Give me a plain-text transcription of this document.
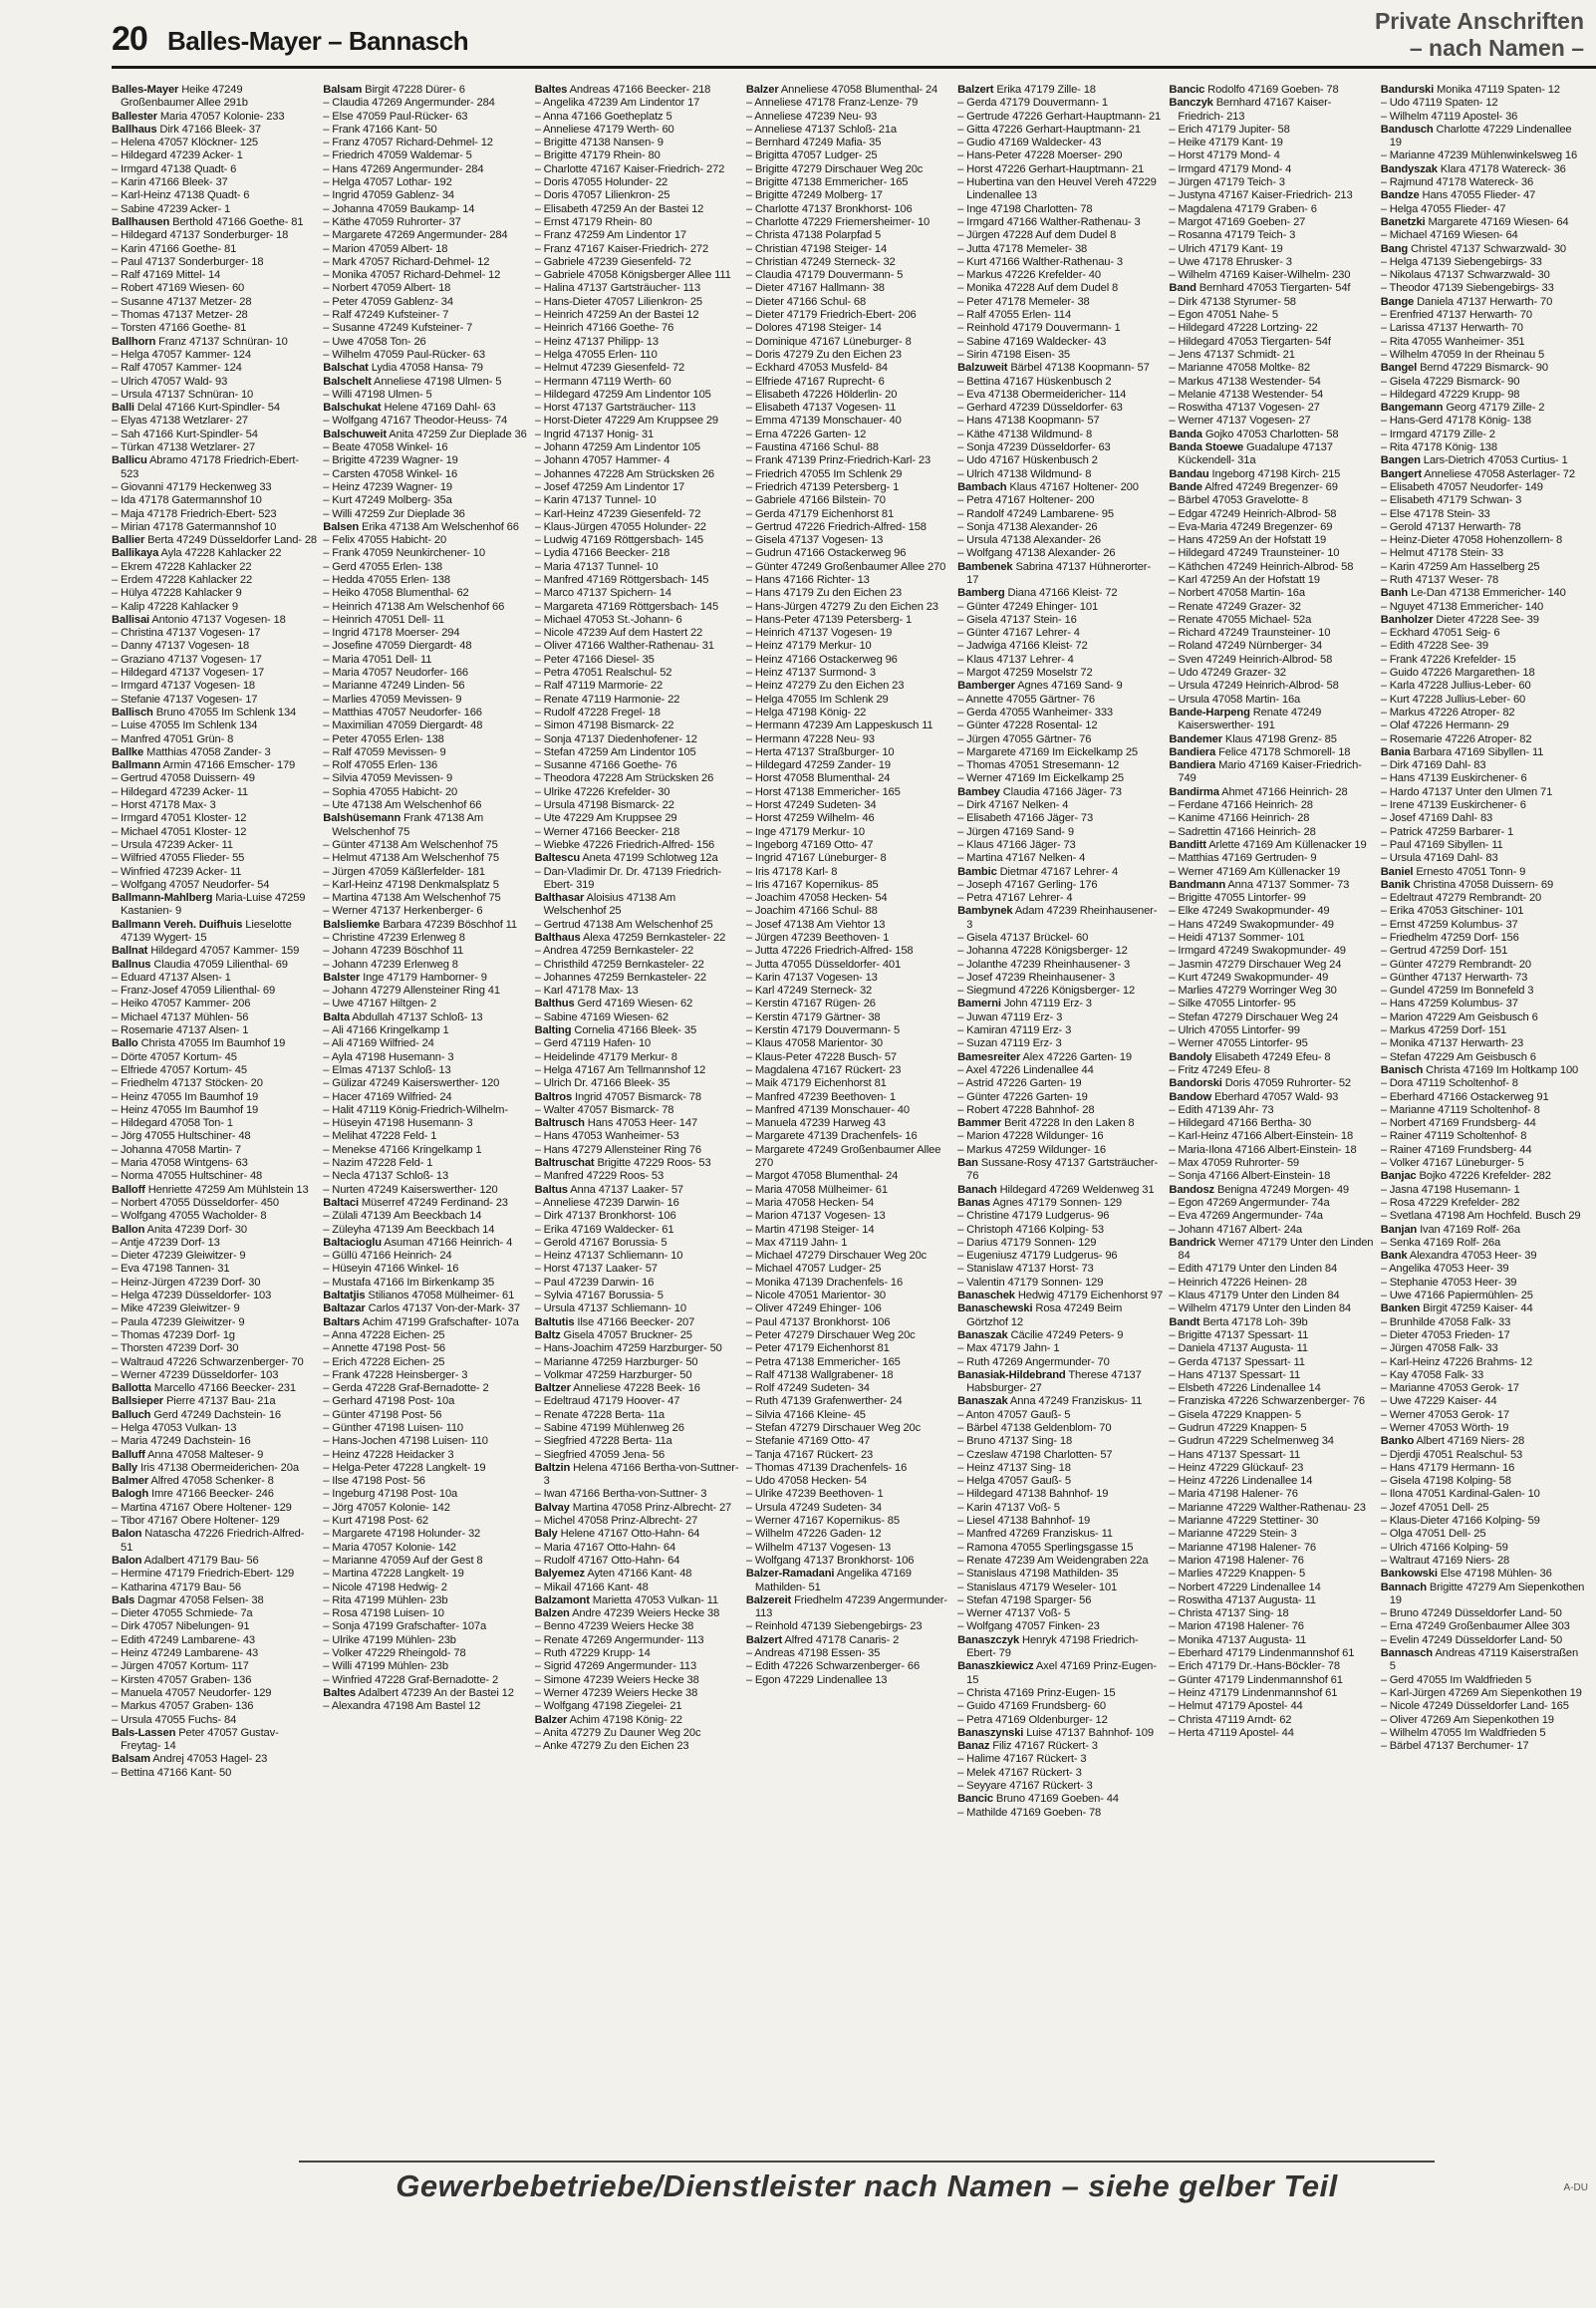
20 Balles-Mayer – Bannasch
Private Anschriften
– nach Namen –

Balles-Mayer Heike 47249 Großenbaumer Allee 291b

Ballester Maria 47057 Kolonie- 233

Ballhaus Dirk 47166 Bleek- 37

– Helena 47057 Klöckner- 125

– Hildegard 47239 Acker- 1

– Irmgard 47138 Quadt- 6

– Karin 47166 Bleek- 37

– Karl-Heinz 47138 Quadt- 6

– Sabine 47239 Acker- 1

Ballhausen Berthold 47166 Goethe- 81

– Hildegard 47137 Sonderburger- 18

– Karin 47166 Goethe- 81

– Paul 47137 Sonderburger- 18

– Ralf 47169 Mittel- 14

– Robert 47169 Wiesen- 60

– Susanne 47137 Metzer- 28

– Thomas 47137 Metzer- 28

– Torsten 47166 Goethe- 81

Ballhorn Franz 47137 Schnüran- 10

– Helga 47057 Kammer- 124

– Ralf 47057 Kammer- 124

– Ulrich 47057 Wald- 93

– Ursula 47137 Schnüran- 10

Balli Delal 47166 Kurt-Spindler- 54

– Elyas 47138 Wetzlarer- 27

– Sah 47166 Kurt-Spindler- 54

– Türkan 47138 Wetzlarer- 27

Ballicu Abramo 47178 Friedrich-Ebert- 523

– Giovanni 47179 Heckenweg 33

– Ida 47178 Gatermannshof 10

– Maja 47178 Friedrich-Ebert- 523

– Mirian 47178 Gatermannshof 10

Ballier Berta 47249 Düsseldorfer Land- 28

Ballikaya Ayla 47228 Kahlacker 22

– Ekrem 47228 Kahlacker 22

– Erdem 47228 Kahlacker 22

– Hülya 47228 Kahlacker 9

– Kalip 47228 Kahlacker 9

Ballisai Antonio 47137 Vogesen- 18

– Christina 47137 Vogesen- 17

– Danny 47137 Vogesen- 18

– Graziano 47137 Vogesen- 17

– Hildegard 47137 Vogesen- 17

– Irmgard 47137 Vogesen- 18

– Stefanie 47137 Vogesen- 17

Ballisch Bruno 47055 Im Schlenk 134

– Luise 47055 Im Schlenk 134

– Manfred 47051 Grün- 8

Ballke Matthias 47058 Zander- 3

Ballmann Armin 47166 Emscher- 179

– Gertrud 47058 Duissern- 49

– Hildegard 47239 Acker- 11

– Horst 47178 Max- 3

– Irmgard 47051 Kloster- 12

– Michael 47051 Kloster- 12

– Ursula 47239 Acker- 11

– Wilfried 47055 Flieder- 55

– Winfried 47239 Acker- 11

– Wolfgang 47057 Neudorfer- 54

Ballmann-Mahlberg Maria-Luise 47259 Kastanien- 9

Ballmann Vereh. Duifhuis Lieselotte 47139 Wygert- 15

Ballnat Hildegard 47057 Kammer- 159

Ballnus Claudia 47059 Lilienthal- 69

– Eduard 47137 Alsen- 1

– Franz-Josef 47059 Lilienthal- 69

– Heiko 47057 Kammer- 206

– Michael 47137 Mühlen- 56

– Rosemarie 47137 Alsen- 1

Ballo Christa 47055 Im Baumhof 19

– Dörte 47057 Kortum- 45

– Elfriede 47057 Kortum- 45

– Friedhelm 47137 Stöcken- 20

– Heinz 47055 Im Baumhof 19

– Heinz 47055 Im Baumhof 19

– Hildegard 47058 Ton- 1

– Jörg 47055 Hultschiner- 48

– Johanna 47058 Martin- 7

– Maria 47058 Wintgens- 63

– Norma 47055 Hultschiner- 48

Balloff Henriette 47259 Am Mühlstein 13

– Norbert 47055 Düsseldorfer- 450

– Wolfgang 47055 Wacholder- 8

Ballon Anita 47239 Dorf- 30

– Antje 47239 Dorf- 13

– Dieter 47239 Gleiwitzer- 9

– Eva 47198 Tannen- 31

– Heinz-Jürgen 47239 Dorf- 30

– Helga 47239 Düsseldorfer- 103

– Mike 47239 Gleiwitzer- 9

– Paula 47239 Gleiwitzer- 9

– Thomas 47239 Dorf- 1g

– Thorsten 47239 Dorf- 30

– Waltraud 47226 Schwarzenberger- 70

– Werner 47239 Düsseldorfer- 103

Ballotta Marcello 47166 Beecker- 231

Ballsieper Pierre 47137 Bau- 21a

Balluch Gerd 47249 Dachstein- 16

– Helga 47053 Vulkan- 13

– Maria 47249 Dachstein- 16

Balluff Anna 47058 Malteser- 9

Bally Iris 47138 Obermeiderichen- 20a

Balmer Alfred 47058 Schenker- 8

Balogh Imre 47166 Beecker- 246

– Martina 47167 Obere Holtener- 129

– Tibor 47167 Obere Holtener- 129

Balon Natascha 47226 Friedrich-Alfred- 51

Balon Adalbert 47179 Bau- 56

– Hermine 47179 Friedrich-Ebert- 129

– Katharina 47179 Bau- 56

Bals Dagmar 47058 Felsen- 38

– Dieter 47055 Schmiede- 7a

– Dirk 47057 Nibelungen- 91

– Edith 47249 Lambarene- 43

– Heinz 47249 Lambarene- 43

– Jürgen 47057 Kortum- 117

– Kirsten 47057 Graben- 136

– Manuela 47057 Neudorfer- 129

– Markus 47057 Graben- 136

– Ursula 47055 Fuchs- 84

Bals-Lassen Peter 47057 Gustav-Freytag- 14

Balsam Andrej 47053 Hagel- 23

– Bettina 47166 Kant- 50

Balsam Birgit 47228 Dürer- 6

– Claudia 47269 Angermunder- 284

– Else 47059 Paul-Rücker- 63

– Frank 47166 Kant- 50

– Franz 47057 Richard-Dehmel- 12

– Friedrich 47059 Waldemar- 5

– Hans 47269 Angermunder- 284

– Helga 47057 Lothar- 192

– Ingrid 47059 Gablenz- 34

– Johanna 47059 Baukamp- 14

– Käthe 47059 Ruhrorter- 37

– Margarete 47269 Angermunder- 284

– Marion 47059 Albert- 18

– Mark 47057 Richard-Dehmel- 12

– Monika 47057 Richard-Dehmel- 12

– Norbert 47059 Albert- 18

– Peter 47059 Gablenz- 34

– Ralf 47249 Kufsteiner- 7

– Susanne 47249 Kufsteiner- 7

– Uwe 47058 Ton- 26

– Wilhelm 47059 Paul-Rücker- 63

Balschat Lydia 47058 Hansa- 79

Balschelt Anneliese 47198 Ulmen- 5

– Willi 47198 Ulmen- 5

Balschukat Helene 47169 Dahl- 63

– Wolfgang 47167 Theodor-Heuss- 74

Balschuweit Anita 47259 Zur Dieplade 36

– Beate 47058 Winkel- 16

– Brigitte 47239 Wagner- 19

– Carsten 47058 Winkel- 16

– Heinz 47239 Wagner- 19

– Kurt 47249 Molberg- 35a

– Willi 47259 Zur Dieplade 36

Balsen Erika 47138 Am Welschenhof 66

– Felix 47055 Habicht- 20

– Frank 47059 Neunkirchener- 10

– Gerd 47055 Erlen- 138

– Hedda 47055 Erlen- 138

– Heiko 47058 Blumenthal- 62

– Heinrich 47138 Am Welschenhof 66

– Heinrich 47051 Dell- 11

– Ingrid 47178 Moerser- 294

– Josefine 47059 Diergardt- 48

– Maria 47051 Dell- 11

– Maria 47057 Neudorfer- 166

– Marianne 47249 Linden- 56

– Marlies 47059 Mevissen- 9

– Matthias 47057 Neudorfer- 166

– Maximilian 47059 Diergardt- 48

– Peter 47055 Erlen- 138

– Ralf 47059 Mevissen- 9

– Rolf 47055 Erlen- 136

– Silvia 47059 Mevissen- 9

– Sophia 47055 Habicht- 20

– Ute 47138 Am Welschenhof 66

Balshüsemann Frank 47138 Am Welschenhof 75

– Günter 47138 Am Welschenhof 75

– Helmut 47138 Am Welschenhof 75

– Jürgen 47059 Käßlerfelder- 181

– Karl-Heinz 47198 Denkmalsplatz 5

– Martina 47138 Am Welschenhof 75

– Werner 47137 Herkenberger- 6

Balsliemke Barbara 47239 Böschhof 11

– Christine 47239 Erlenweg 8

– Johann 47239 Böschhof 11

– Johann 47239 Erlenweg 8

Balster Inge 47179 Hamborner- 9

– Johann 47279 Allensteiner Ring 41

– Uwe 47167 Hiltgen- 2

Balta Abdullah 47137 Schloß- 13

– Ali 47166 Kringelkamp 1

– Ali 47169 Wilfried- 24

– Ayla 47198 Husemann- 3

– Elmas 47137 Schloß- 13

– Gülizar 47249 Kaiserswerther- 120

– Hacer 47169 Wilfried- 24

– Halit 47119 König-Friedrich-Wilhelm-

– Hüseyin 47198 Husemann- 3

– Melihat 47228 Feld- 1

– Menekse 47166 Kringelkamp 1

– Nazim 47228 Feld- 1

– Necla 47137 Schloß- 13

– Nurten 47249 Kaiserswerther- 120

Baltaci Müserref 47249 Ferdinand- 23

– Zülali 47139 Am Beeckbach 14

– Züleyha 47139 Am Beeckbach 14

Baltacioglu Asuman 47166 Heinrich- 4

– Güllü 47166 Heinrich- 24

– Hüseyin 47166 Winkel- 16

– Mustafa 47166 Im Birkenkamp 35

Baltatjis Stilianos 47058 Mülheimer- 61

Baltazar Carlos 47137 Von-der-Mark- 37

Baltars Achim 47199 Grafschafter- 107a

– Anna 47228 Eichen- 25

– Annette 47198 Post- 56

– Erich 47228 Eichen- 25

– Frank 47228 Heinsberger- 3

– Gerda 47228 Graf-Bernadotte- 2

– Gerhard 47198 Post- 10a

– Günter 47198 Post- 56

– Günther 47198 Luisen- 110

– Hans-Jochen 47198 Luisen- 110

– Heinz 47228 Heidacker 3

– Helga-Peter 47228 Langkelt- 19

– Ilse 47198 Post- 56

– Ingeburg 47198 Post- 10a

– Jörg 47057 Kolonie- 142

– Kurt 47198 Post- 62

– Margarete 47198 Holunder- 32

– Maria 47057 Kolonie- 142

– Marianne 47059 Auf der Gest 8

– Martina 47228 Langkelt- 19

– Nicole 47198 Hedwig- 2

– Rita 47199 Mühlen- 23b

– Rosa 47198 Luisen- 10

– Sonja 47199 Grafschafter- 107a

– Ulrike 47199 Mühlen- 23b

– Volker 47229 Rheingold- 78

– Willi 47199 Mühlen- 23b

– Winfried 47228 Graf-Bernadotte- 2

Baltes Adalbert 47239 An der Bastei 12

– Alexandra 47198 Am Bastel 12

Baltes Andreas 47166 Beecker- 218

– Angelika 47239 Am Lindentor 17

– Anna 47166 Goetheplatz 5

– Anneliese 47179 Werth- 60

– Brigitte 47138 Nansen- 9

– Brigitte 47179 Rhein- 80

– Charlotte 47167 Kaiser-Friedrich- 272

– Doris 47055 Holunder- 22

– Doris 47057 Lilienkron- 25

– Elisabeth 47259 An der Bastei 12

– Ernst 47179 Rhein- 80

– Franz 47259 Am Lindentor 17

– Franz 47167 Kaiser-Friedrich- 272

– Gabriele 47239 Giesenfeld- 72

– Gabriele 47058 Königsberger Allee 111

– Halina 47137 Gartsträucher- 113

– Hans-Dieter 47057 Lilienkron- 25

– Heinrich 47259 An der Bastei 12

– Heinrich 47166 Goethe- 76

– Heinz 47137 Philipp- 13

– Helga 47055 Erlen- 110

– Helmut 47239 Giesenfeld- 72

– Hermann 47119 Werth- 60

– Hildegard 47259 Am Lindentor 105

– Horst 47137 Gartsträucher- 113

– Horst-Dieter 47229 Am Kruppsee 29

– Ingrid 47137 Honig- 31

– Johann 47259 Am Lindentor 105

– Johann 47057 Hammer- 4

– Johannes 47228 Am Strücksken 26

– Josef 47259 Am Lindentor 17

– Karin 47137 Tunnel- 10

– Karl-Heinz 47239 Giesenfeld- 72

– Klaus-Jürgen 47055 Holunder- 22

– Ludwig 47169 Röttgersbach- 145

– Lydia 47166 Beecker- 218

– Maria 47137 Tunnel- 10

– Manfred 47169 Röttgersbach- 145

– Marco 47137 Spichern- 14

– Margareta 47169 Röttgersbach- 145

– Michael 47053 St.-Johann- 6

– Nicole 47239 Auf dem Hastert 22

– Oliver 47166 Walther-Rathenau- 31

– Peter 47166 Diesel- 35

– Petra 47051 Realschul- 52

– Ralf 47119 Marmorie- 22

– Renate 47119 Harmonie- 22

– Rudolf 47228 Fregel- 18

– Simon 47198 Bismarck- 22

– Sonja 47137 Diedenhofener- 12

– Stefan 47259 Am Lindentor 105

– Susanne 47166 Goethe- 76

– Theodora 47228 Am Strücksken 26

– Ulrike 47226 Krefelder- 30

– Ursula 47198 Bismarck- 22

– Ute 47229 Am Kruppsee 29

– Werner 47166 Beecker- 218

– Wiebke 47226 Friedrich-Alfred- 156

Baltescu Aneta 47199 Schlotweg 12a

– Dan-Vladimir Dr. Dr. 47139 Friedrich-Ebert- 319

Balthasar Aloisius 47138 Am Welschenhof 25

– Gertrud 47138 Am Welschenhof 25

Balthaus Alexa 47259 Bernkasteler- 22

– Andrea 47259 Bernkasteler- 22

– Christhild 47259 Bernkasteler- 22

– Johannes 47259 Bernkasteler- 22

– Karl 47178 Max- 13

Balthus Gerd 47169 Wiesen- 62

– Sabine 47169 Wiesen- 62

Balting Cornelia 47166 Bleek- 35

– Gerd 47119 Hafen- 10

– Heidelinde 47179 Merkur- 8

– Helga 47167 Am Tellmannshof 12

– Ulrich Dr. 47166 Bleek- 35

Baltros Ingrid 47057 Bismarck- 78

– Walter 47057 Bismarck- 78

Baltrusch Hans 47053 Heer- 147

– Hans 47053 Wanheimer- 53

– Hans 47279 Allensteiner Ring 76

Baltruschat Brigitte 47229 Roos- 53

– Manfred 47229 Roos- 53

Baltus Anna 47137 Laaker- 57

– Anneliese 47239 Darwin- 16

– Dirk 47137 Bronkhorst- 106

– Erika 47169 Waldecker- 61

– Gerold 47167 Borussia- 5

– Heinz 47137 Schliemann- 10

– Horst 47137 Laaker- 57

– Paul 47239 Darwin- 16

– Sylvia 47167 Borussia- 5

– Ursula 47137 Schliemann- 10

Baltutis Ilse 47166 Beecker- 207

Baltz Gisela 47057 Bruckner- 25

– Hans-Joachim 47259 Harzburger- 50

– Marianne 47259 Harzburger- 50

– Volkmar 47259 Harzburger- 50

Baltzer Anneliese 47228 Beek- 16

– Edeltraud 47179 Hoover- 47

– Renate 47228 Berta- 11a

– Sabine 47199 Mühlenweg 26

– Siegfried 47228 Berta- 11a

– Siegfried 47059 Jena- 56

Baltzin Helena 47166 Bertha-von-Suttner- 3

– Iwan 47166 Bertha-von-Suttner- 3

Balvay Martina 47058 Prinz-Albrecht- 27

– Michel 47058 Prinz-Albrecht- 27

Baly Helene 47167 Otto-Hahn- 64

– Maria 47167 Otto-Hahn- 64

– Rudolf 47167 Otto-Hahn- 64

Balyemez Ayten 47166 Kant- 48

– Mikail 47166 Kant- 48

Balzamont Marietta 47053 Vulkan- 11

Balzen Andre 47239 Weiers Hecke 38

– Benno 47239 Weiers Hecke 38

– Renate 47269 Angermunder- 113

– Ruth 47229 Krupp- 14

– Sigrid 47269 Angermunder- 113

– Simone 47239 Weiers Hecke 38

– Werner 47239 Weiers Hecke 38

– Wolfgang 47198 Ziegelei- 21

Balzer Achim 47198 König- 22

– Anita 47279 Zu Dauner Weg 20c

– Anke 47279 Zu den Eichen 23

Balzer Anneliese 47058 Blumenthal- 24

– Anneliese 47178 Franz-Lenze- 79

– Anneliese 47239 Neu- 93

– Anneliese 47137 Schloß- 21a

– Bernhard 47249 Mafia- 35

– Brigitta 47057 Ludger- 25

– Brigitte 47279 Dirschauer Weg 20c

– Brigitte 47138 Emmericher- 165

– Brigitte 47249 Molberg- 17

– Charlotte 47137 Bronkhorst- 106

– Charlotte 47229 Friemersheimer- 10

– Christa 47138 Polarpfad 5

– Christian 47198 Steiger- 14

– Christian 47249 Sterneck- 32

– Claudia 47179 Douvermann- 5

– Dieter 47167 Hallmann- 38

– Dieter 47166 Schul- 68

– Dieter 47179 Friedrich-Ebert- 206

– Dolores 47198 Steiger- 14

– Dominique 47167 Lüneburger- 8

– Doris 47279 Zu den Eichen 23

– Eckhard 47053 Musfeld- 84

– Elfriede 47167 Ruprecht- 6

– Elisabeth 47226 Hölderlin- 20

– Elisabeth 47137 Vogesen- 11

– Emma 47139 Monschauer- 40

– Erna 47226 Garten- 12

– Faustina 47166 Schul- 88

– Frank 47139 Prinz-Friedrich-Karl- 23

– Friedrich 47055 Im Schlenk 29

– Friedrich 47139 Petersberg- 1

– Gabriele 47166 Bilstein- 70

– Gerda 47179 Eichenhorst 81

– Gertrud 47226 Friedrich-Alfred- 158

– Gisela 47137 Vogesen- 13

– Gudrun 47166 Ostackerweg 96

– Günter 47249 Großenbaumer Allee 270

– Hans 47166 Richter- 13

– Hans 47179 Zu den Eichen 23

– Hans-Jürgen 47279 Zu den Eichen 23

– Hans-Peter 47139 Petersberg- 1

– Heinrich 47137 Vogesen- 19

– Heinz 47179 Merkur- 10

– Heinz 47166 Ostackerweg 96

– Heinz 47137 Surmond- 3

– Heinz 47279 Zu den Eichen 23

– Helga 47055 Im Schlenk 29

– Helga 47198 König- 22

– Hermann 47239 Am Lappeskusch 11

– Hermann 47228 Neu- 93

– Herta 47137 Straßburger- 10

– Hildegard 47259 Zander- 19

– Horst 47058 Blumenthal- 24

– Horst 47138 Emmericher- 165

– Horst 47249 Sudeten- 34

– Horst 47259 Wilhelm- 46

– Inge 47179 Merkur- 10

– Ingeborg 47169 Otto- 47

– Ingrid 47167 Lüneburger- 8

– Iris 47178 Karl- 8

– Iris 47167 Kopernikus- 85

– Joachim 47058 Hecken- 54

– Joachim 47166 Schul- 88

– Josef 47138 Am Viehtor 13

– Jürgen 47239 Beethoven- 1

– Jutta 47226 Friedrich-Alfred- 158

– Jutta 47055 Düsseldorfer- 401

– Karin 47137 Vogesen- 13

– Karl 47249 Sterneck- 32

– Kerstin 47167 Rügen- 26

– Kerstin 47179 Gärtner- 38

– Kerstin 47179 Douvermann- 5

– Klaus 47058 Marientor- 30

– Klaus-Peter 47228 Busch- 57

– Magdalena 47167 Rückert- 23

– Maik 47179 Eichenhorst 81

– Manfred 47239 Beethoven- 1

– Manfred 47139 Monschauer- 40

– Manuela 47239 Harweg 43

– Margarete 47139 Drachenfels- 16

– Margarete 47249 Großenbaumer Allee 270

– Margot 47058 Blumenthal- 24

– Maria 47058 Mülheimer- 61

– Maria 47058 Hecken- 54

– Marion 47137 Vogesen- 13

– Martin 47198 Steiger- 14

– Max 47119 Jahn- 1

– Michael 47279 Dirschauer Weg 20c

– Michael 47057 Ludger- 25

– Monika 47139 Drachenfels- 16

– Nicole 47051 Marientor- 30

– Oliver 47249 Ehinger- 106

– Paul 47137 Bronkhorst- 106

– Peter 47279 Dirschauer Weg 20c

– Peter 47179 Eichenhorst 81

– Petra 47138 Emmericher- 165

– Ralf 47138 Wallgrabener- 18

– Rolf 47249 Sudeten- 34

– Ruth 47139 Grafenwerther- 24

– Silvia 47166 Kleine- 45

– Stefan 47279 Dirschauer Weg 20c

– Stefanie 47169 Otto- 47

– Tanja 47167 Rückert- 23

– Thomas 47139 Drachenfels- 16

– Udo 47058 Hecken- 54

– Ulrike 47239 Beethoven- 1

– Ursula 47249 Sudeten- 34

– Werner 47167 Kopernikus- 85

– Wilhelm 47226 Gaden- 12

– Wilhelm 47137 Vogesen- 13

– Wolfgang 47137 Bronkhorst- 106

Balzer-Ramadani Angelika 47169 Mathilden- 51

Balzereit Friedhelm 47239 Angermunder- 113

– Reinhold 47139 Siebengebirgs- 23

Balzert Alfred 47178 Canaris- 2

– Andreas 47198 Essen- 35

– Edith 47226 Schwarzenberger- 66

– Egon 47229 Lindenallee 13

Balzert Erika 47179 Zille- 18

– Gerda 47179 Douvermann- 1

– Gertrude 47226 Gerhart-Hauptmann- 21

– Gitta 47226 Gerhart-Hauptmann- 21

– Gudio 47169 Waldecker- 43

– Hans-Peter 47228 Moerser- 290

– Horst 47226 Gerhart-Hauptmann- 21

– Hubertina van den Heuvel Vereh 47229 Lindenallee 13

– Inge 47198 Charlotten- 78

– Irmgard 47166 Walther-Rathenau- 3

– Jürgen 47228 Auf dem Dudel 8

– Jutta 47178 Memeler- 38

– Kurt 47166 Walther-Rathenau- 3

– Markus 47226 Krefelder- 40

– Monika 47228 Auf dem Dudel 8

– Peter 47178 Memeler- 38

– Ralf 47055 Erlen- 114

– Reinhold 47179 Douvermann- 1

– Sabine 47169 Waldecker- 43

– Sirin 47198 Eisen- 35

Balzuweit Bärbel 47138 Koopmann- 57

– Bettina 47167 Hüskenbusch 2

– Eva 47138 Obermeidericher- 114

– Gerhard 47239 Düsseldorfer- 63

– Hans 47138 Koopmann- 57

– Käthe 47138 Wildmund- 8

– Sonja 47239 Düsseldorfer- 63

– Udo 47167 Hüskenbusch 2

– Ulrich 47138 Wildmund- 8

Bambach Klaus 47167 Holtener- 200

– Petra 47167 Holtener- 200

– Randolf 47249 Lambarene- 95

– Sonja 47138 Alexander- 26

– Ursula 47138 Alexander- 26

– Wolfgang 47138 Alexander- 26

Bambenek Sabrina 47137 Hühnerorter- 17

Bamberg Diana 47166 Kleist- 72

– Günter 47249 Ehinger- 101

– Gisela 47137 Stein- 16

– Günter 47167 Lehrer- 4

– Jadwiga 47166 Kleist- 72

– Klaus 47137 Lehrer- 4

– Margot 47259 Moselstr 72

Bamberger Agnes 47169 Sand- 9

– Annette 47055 Gärtner- 76

– Gerda 47055 Wanheimer- 333

– Günter 47228 Rosental- 12

– Jürgen 47055 Gärtner- 76

– Margarete 47169 Im Eickelkamp 25

– Thomas 47051 Stresemann- 12

– Werner 47169 Im Eickelkamp 25

Bambey Claudia 47166 Jäger- 73

– Dirk 47167 Nelken- 4

– Elisabeth 47166 Jäger- 73

– Jürgen 47169 Sand- 9

– Klaus 47166 Jäger- 73

– Martina 47167 Nelken- 4

Bambic Dietmar 47167 Lehrer- 4

– Joseph 47167 Gerling- 176

– Petra 47167 Lehrer- 4

Bambynek Adam 47239 Rheinhausener- 3

– Gisela 47137 Brückel- 60

– Johanna 47228 Königsberger- 12

– Jolanthe 47239 Rheinhausener- 3

– Josef 47239 Rheinhausener- 3

– Siegmund 47226 Königsberger- 12

Bamerni John 47119 Erz- 3

– Juwan 47119 Erz- 3

– Kamiran 47119 Erz- 3

– Suzan 47119 Erz- 3

Bamesreiter Alex 47226 Garten- 19

– Axel 47226 Lindenallee 44

– Astrid 47226 Garten- 19

– Günter 47226 Garten- 19

– Robert 47228 Bahnhof- 28

Bammer Berit 47228 In den Laken 8

– Marion 47228 Wildunger- 16

– Markus 47259 Wildunger- 16

Ban Sussane-Rosy 47137 Gartsträucher- 76

Banach Hildegard 47269 Weldenweg 31

Banas Agnes 47179 Sonnen- 129

– Christine 47179 Ludgerus- 96

– Christoph 47166 Kolping- 53

– Darius 47179 Sonnen- 129

– Eugeniusz 47179 Ludgerus- 96

– Stanislaw 47137 Horst- 73

– Valentin 47179 Sonnen- 129

Banaschek Hedwig 47179 Eichenhorst 97

Banaschewski Rosa 47249 Beim Görtzhof 12

Banaszak Cäcilie 47249 Peters- 9

– Max 47179 Jahn- 1

– Ruth 47269 Angermunder- 70

Banasiak-Hildebrand Therese 47137 Habsburger- 27

Banaszak Anna 47249 Franziskus- 11

– Anton 47057 Gauß- 5

– Bärbel 47138 Geldenblom- 70

– Bruno 47137 Sing- 18

– Czeslaw 47198 Charlotten- 57

– Heinz 47137 Sing- 18

– Helga 47057 Gauß- 5

– Hildegard 47138 Bahnhof- 19

– Karin 47137 Voß- 5

– Liesel 47138 Bahnhof- 19

– Manfred 47269 Franziskus- 11

– Ramona 47055 Sperlingsgasse 15

– Renate 47239 Am Weidengraben 22a

– Stanislaus 47198 Mathilden- 35

– Stanislaus 47179 Weseler- 101

– Stefan 47198 Sparger- 56

– Werner 47137 Voß- 5

– Wolfgang 47057 Finken- 23

Banaszczyk Henryk 47198 Friedrich-Ebert- 79

Banaszkiewicz Axel 47169 Prinz-Eugen- 15

– Christa 47169 Prinz-Eugen- 15

– Guido 47169 Frundsberg- 60

– Petra 47169 Oldenburger- 12

Banaszynski Luise 47137 Bahnhof- 109

Banaz Filiz 47167 Rückert- 3

– Halime 47167 Rückert- 3

– Melek 47167 Rückert- 3

– Seyyare 47167 Rückert- 3

Bancic Bruno 47169 Goeben- 44

– Mathilde 47169 Goeben- 78

Bancic Rodolfo 47169 Goeben- 78

Banczyk Bernhard 47167 Kaiser-Friedrich- 213

– Erich 47179 Jupiter- 58

– Heike 47179 Kant- 19

– Horst 47179 Mond- 4

– Irmgard 47179 Mond- 4

– Jürgen 47179 Teich- 3

– Justyna 47167 Kaiser-Friedrich- 213

– Magdalena 47179 Graben- 6

– Margot 47169 Goeben- 27

– Rosanna 47179 Teich- 3

– Ulrich 47179 Kant- 19

– Uwe 47178 Ehrusker- 3

– Wilhelm 47169 Kaiser-Wilhelm- 230

Band Bernhard 47053 Tiergarten- 54f

– Dirk 47138 Styrumer- 58

– Egon 47051 Nahe- 5

– Hildegard 47228 Lortzing- 22

– Hildegard 47053 Tiergarten- 54f

– Jens 47137 Schmidt- 21

– Marianne 47058 Moltke- 82

– Markus 47138 Westender- 54

– Melanie 47138 Westender- 54

– Roswitha 47137 Vogesen- 27

– Werner 47137 Vogesen- 27

Banda Gojko 47053 Charlotten- 58

Banda Stoewe Guadalupe 47137 Kückendell- 31a

Bandau Ingeborg 47198 Kirch- 215

Bande Alfred 47249 Bregenzer- 69

– Bärbel 47053 Gravelotte- 8

– Edgar 47249 Heinrich-Albrod- 58

– Eva-Maria 47249 Bregenzer- 69

– Hans 47259 An der Hofstatt 19

– Hildegard 47249 Traunsteiner- 10

– Käthchen 47249 Heinrich-Albrod- 58

– Karl 47259 An der Hofstatt 19

– Norbert 47058 Martin- 16a

– Renate 47249 Grazer- 32

– Renate 47055 Michael- 52a

– Richard 47249 Traunsteiner- 10

– Roland 47249 Nürnberger- 34

– Sven 47249 Heinrich-Albrod- 58

– Udo 47249 Grazer- 32

– Ursula 47249 Heinrich-Albrod- 58

– Ursula 47058 Martin- 16a

Bande-Harpeng Renate 47249 Kaiserswerther- 191

Bandemer Klaus 47198 Grenz- 85

Bandiera Felice 47178 Schmorell- 18

Bandiera Mario 47169 Kaiser-Friedrich- 749

Bandirma Ahmet 47166 Heinrich- 28

– Ferdane 47166 Heinrich- 28

– Kanime 47166 Heinrich- 28

– Sadrettin 47166 Heinrich- 28

Banditt Arlette 47169 Am Küllenacker 19

– Matthias 47169 Gertruden- 9

– Werner 47169 Am Küllenacker 19

Bandmann Anna 47137 Sommer- 73

– Brigitte 47055 Lintorfer- 99

– Elke 47249 Swakopmunder- 49

– Hans 47249 Swakopmunder- 49

– Heidi 47137 Sommer- 101

– Irmgard 47249 Swakopmunder- 49

– Jasmin 47279 Dirschauer Weg 24

– Kurt 47249 Swakopmunder- 49

– Marlies 47279 Worringer Weg 30

– Silke 47055 Lintorfer- 95

– Stefan 47279 Dirschauer Weg 24

– Ulrich 47055 Lintorfer- 99

– Werner 47055 Lintorfer- 95

Bandoly Elisabeth 47249 Efeu- 8

– Fritz 47249 Efeu- 8

Bandorski Doris 47059 Ruhrorter- 52

Bandow Eberhard 47057 Wald- 93

– Edith 47139 Ahr- 73

– Hildegard 47166 Bertha- 30

– Karl-Heinz 47166 Albert-Einstein- 18

– Maria-Ilona 47166 Albert-Einstein- 18

– Max 47059 Ruhrorter- 59

– Sonja 47166 Albert-Einstein- 18

Bandosz Benigna 47249 Morgen- 49

– Egon 47269 Angermunder- 74a

– Eva 47269 Angermunder- 74a

– Johann 47167 Albert- 24a

Bandrick Werner 47179 Unter den Linden 84

– Edith 47179 Unter den Linden 84

– Heinrich 47226 Heinen- 28

– Klaus 47179 Unter den Linden 84

– Wilhelm 47179 Unter den Linden 84

Bandt Berta 47178 Loh- 39b

– Brigitte 47137 Spessart- 11

– Daniela 47137 Augusta- 11

– Gerda 47137 Spessart- 11

– Hans 47137 Spessart- 11

– Elsbeth 47226 Lindenallee 14

– Franziska 47226 Schwarzenberger- 76

– Gisela 47229 Knappen- 5

– Gudrun 47229 Knappen- 5

– Gudrun 47229 Schelmenweg 34

– Hans 47137 Spessart- 11

– Heinz 47229 Glückauf- 23

– Heinz 47226 Lindenallee 14

– Maria 47198 Halener- 76

– Marianne 47229 Walther-Rathenau- 23

– Marianne 47229 Stettiner- 30

– Marianne 47229 Stein- 3

– Marianne 47198 Halener- 76

– Marion 47198 Halener- 76

– Marlies 47229 Knappen- 5

– Norbert 47229 Lindenallee 14

– Roswitha 47137 Augusta- 11

– Christa 47137 Sing- 18

– Marion 47198 Halener- 76

– Monika 47137 Augusta- 11

– Eberhard 47179 Lindenmannshof 61

– Erich 47179 Dr.-Hans-Böckler- 78

– Günter 47179 Lindenmannshof 61

– Heinz 47179 Lindenmannshof 61

– Helmut 47179 Apostel- 44

– Christa 47119 Arndt- 62

– Herta 47119 Apostel- 44

Bandurski Monika 47119 Spaten- 12

– Udo 47119 Spaten- 12

– Wilhelm 47119 Apostel- 36

Bandusch Charlotte 47229 Lindenallee 19

– Marianne 47239 Mühlenwinkelsweg 16

Bandyszak Klara 47178 Watereck- 36

– Rajmund 47178 Watereck- 36

Bandze Hans 47055 Flieder- 47

– Helga 47055 Flieder- 47

Banetzki Margarete 47169 Wiesen- 64

– Michael 47169 Wiesen- 64

Bang Christel 47137 Schwarzwald- 30

– Helga 47139 Siebengebirgs- 33

– Nikolaus 47137 Schwarzwald- 30

– Theodor 47139 Siebengebirgs- 33

Bange Daniela 47137 Herwarth- 70

– Erenfried 47137 Herwarth- 70

– Larissa 47137 Herwarth- 70

– Rita 47055 Wanheimer- 351

– Wilhelm 47059 In der Rheinau 5

Bangel Bernd 47229 Bismarck- 90

– Gisela 47229 Bismarck- 90

– Hildegard 47229 Krupp- 98

Bangemann Georg 47179 Zille- 2

– Hans-Gerd 47178 König- 138

– Irmgard 47179 Zille- 2

– Rita 47178 König- 138

Bangen Lars-Dietrich 47053 Curtius- 1

Bangert Anneliese 47058 Asterlager- 72

– Elisabeth 47057 Neudorfer- 149

– Elisabeth 47179 Schwan- 3

– Else 47178 Stein- 33

– Gerold 47137 Herwarth- 78

– Heinz-Dieter 47058 Hohenzollern- 8

– Helmut 47178 Stein- 33

– Karin 47259 Am Hasselberg 25

– Ruth 47137 Weser- 78

Banh Le-Dan 47138 Emmericher- 140

– Nguyet 47138 Emmericher- 140

Banholzer Dieter 47228 See- 39

– Eckhard 47051 Seig- 6

– Edith 47228 See- 39

– Frank 47226 Krefelder- 15

– Guido 47226 Margarethen- 18

– Karla 47228 Jullius-Leber- 60

– Kurt 47228 Jullius-Leber- 60

– Markus 47226 Atroper- 82

– Olaf 47226 Hermann- 29

– Rosemarie 47226 Atroper- 82

Bania Barbara 47169 Sibyllen- 11

– Dirk 47169 Dahl- 83

– Hans 47139 Euskirchener- 6

– Hardo 47137 Unter den Ulmen 71

– Irene 47139 Euskirchener- 6

– Josef 47169 Dahl- 83

– Patrick 47259 Barbarer- 1

– Paul 47169 Sibyllen- 11

– Ursula 47169 Dahl- 83

Baniel Ernesto 47051 Tonn- 9

Banik Christina 47058 Duissern- 69

– Edeltraut 47279 Rembrandt- 20

– Erika 47053 Gitschiner- 101

– Ernst 47259 Kolumbus- 37

– Friedhelm 47259 Dorf- 156

– Gertrud 47259 Dorf- 151

– Günter 47279 Rembrandt- 20

– Günther 47137 Herwarth- 73

– Gundel 47259 Im Bonnefeld 3

– Hans 47259 Kolumbus- 37

– Marion 47229 Am Geisbusch 6

– Markus 47259 Dorf- 151

– Monika 47137 Herwarth- 23

– Stefan 47229 Am Geisbusch 6

Banisch Christa 47169 Im Holtkamp 100

– Dora 47119 Scholtenhof- 8

– Eberhard 47166 Ostackerweg 91

– Marianne 47119 Scholtenhof- 8

– Norbert 47169 Frundsberg- 44

– Rainer 47119 Scholtenhof- 8

– Rainer 47169 Frundsberg- 44

– Volker 47167 Lüneburger- 5

Banjac Bojko 47226 Krefelder- 282

– Jasna 47198 Husemann- 1

– Rosa 47229 Krefelder- 282

– Svetlana 47198 Am Hochfeld. Busch 29

Banjan Ivan 47169 Rolf- 26a

– Senka 47169 Rolf- 26a

Bank Alexandra 47053 Heer- 39

– Angelika 47053 Heer- 39

– Stephanie 47053 Heer- 39

– Uwe 47166 Papiermühlen- 25

Banken Birgit 47259 Kaiser- 44

– Brunhilde 47058 Falk- 33

– Dieter 47053 Frieden- 17

– Jürgen 47058 Falk- 33

– Karl-Heinz 47226 Brahms- 12

– Kay 47058 Falk- 33

– Marianne 47053 Gerok- 17

– Uwe 47229 Kaiser- 44

– Werner 47053 Gerok- 17

– Werner 47053 Wörth- 19

Banko Albert 47169 Niers- 28

– Djerdji 47051 Realschul- 53

– Hans 47179 Hermann- 16

– Gisela 47198 Kolping- 58

– Ilona 47051 Kardinal-Galen- 10

– Jozef 47051 Dell- 25

– Klaus-Dieter 47166 Kolping- 59

– Olga 47051 Dell- 25

– Ulrich 47166 Kolping- 59

– Waltraut 47169 Niers- 28

Bankowski Else 47198 Mühlen- 36

Bannach Brigitte 47279 Am Siepenkothen 19

– Bruno 47249 Düsseldorfer Land- 50

– Erna 47249 Großenbaumer Allee 303

– Evelin 47249 Düsseldorfer Land- 50

Bannasch Andreas 47119 Kaiserstraßen 5

– Gerd 47055 Im Waldfrieden 5

– Karl-Jürgen 47269 Am Siepenkothen 19

– Nicole 47249 Düsseldorfer Land- 165

– Oliver 47269 Am Siepenkothen 19

– Wilhelm 47055 Im Waldfrieden 5

– Bärbel 47137 Berchumer- 17

Gewerbebetriebe/Dienstleister nach Namen – siehe gelber Teil	A-DU
